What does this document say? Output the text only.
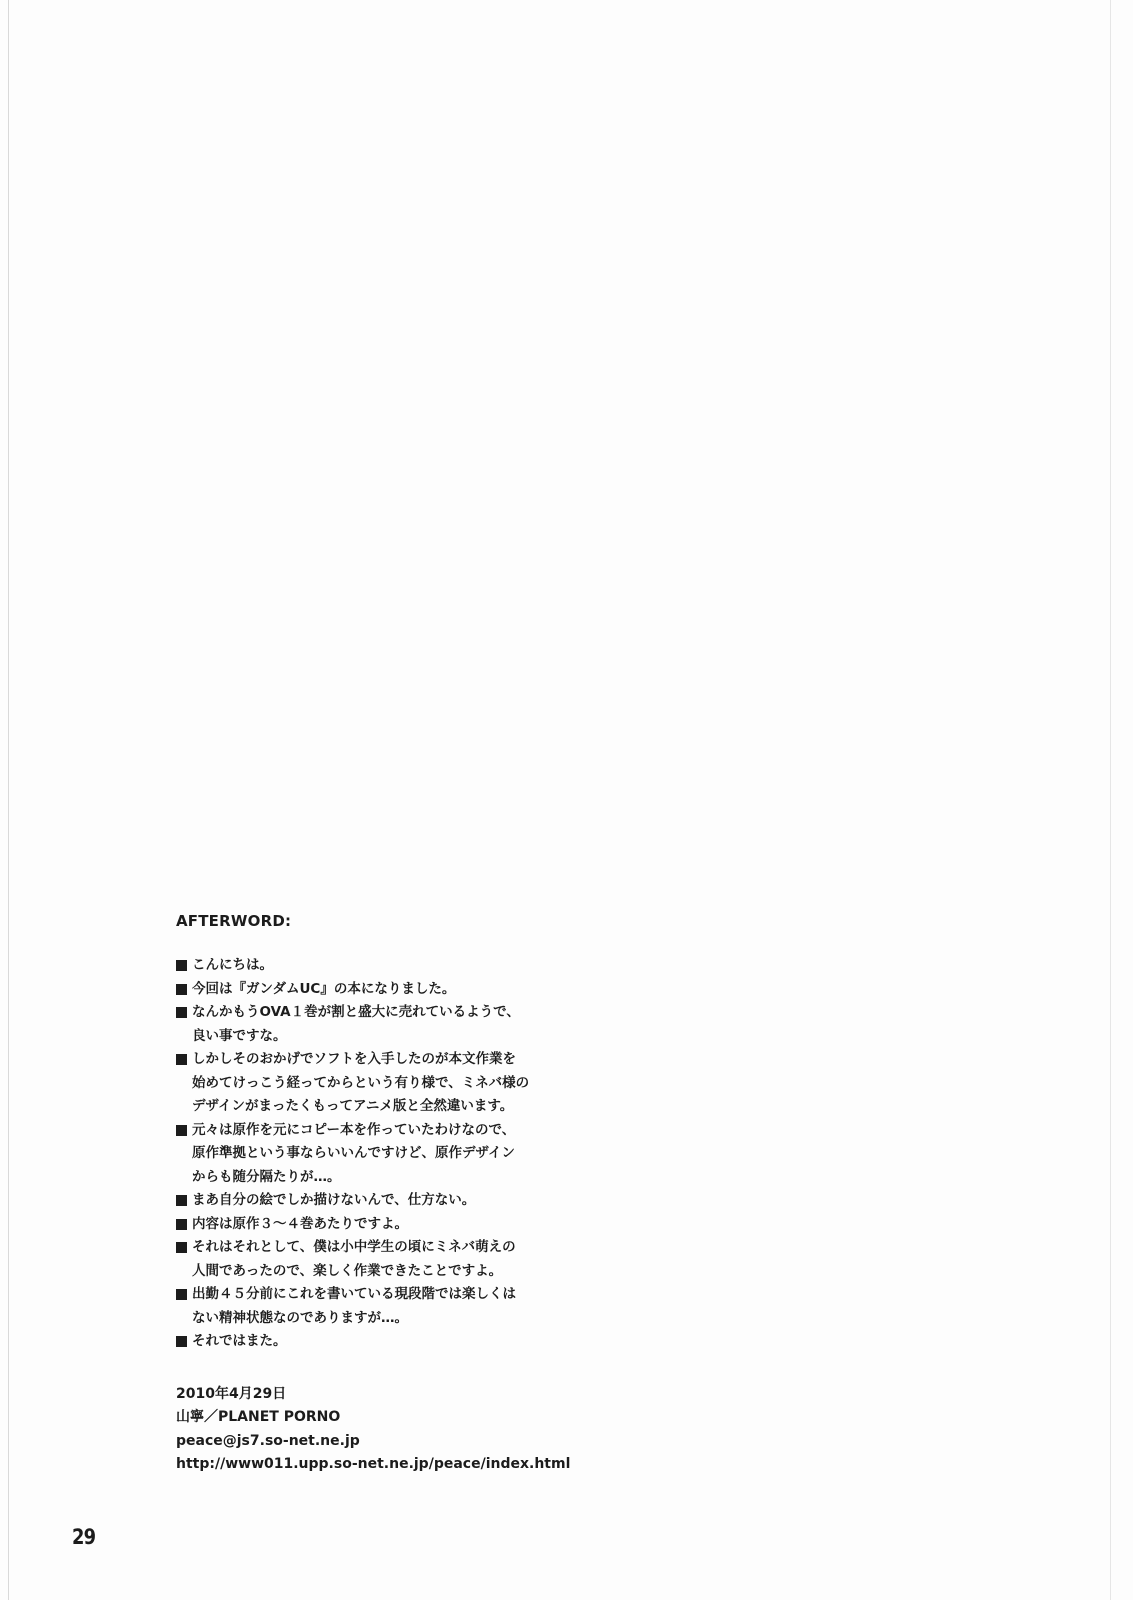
AFTERWORD:
こんにちは。
今回は『ガンダムUC』の本になりました。
なんかもうOVA１巻が割と盛大に売れているようで、
良い事ですな。
しかしそのおかげでソフトを入手したのが本文作業を
始めてけっこう経ってからという有り様で、ミネバ様の
デザインがまったくもってアニメ版と全然違います。
元々は原作を元にコピー本を作っていたわけなので、
原作準拠という事ならいいんですけど、原作デザイン
からも随分隔たりが…。
まあ自分の絵でしか描けないんで、仕方ない。
内容は原作３～４巻あたりですよ。
それはそれとして、僕は小中学生の頃にミネバ萌えの
人間であったので、楽しく作業できたことですよ。
出勤４５分前にこれを書いている現段階では楽しくは
ない精神状態なのでありますが…。
それではまた。
2010年4月29日
山寧／PLANET PORNO
peace@js7.so-net.ne.jp
http://www011.upp.so-net.ne.jp/peace/index.html
29
